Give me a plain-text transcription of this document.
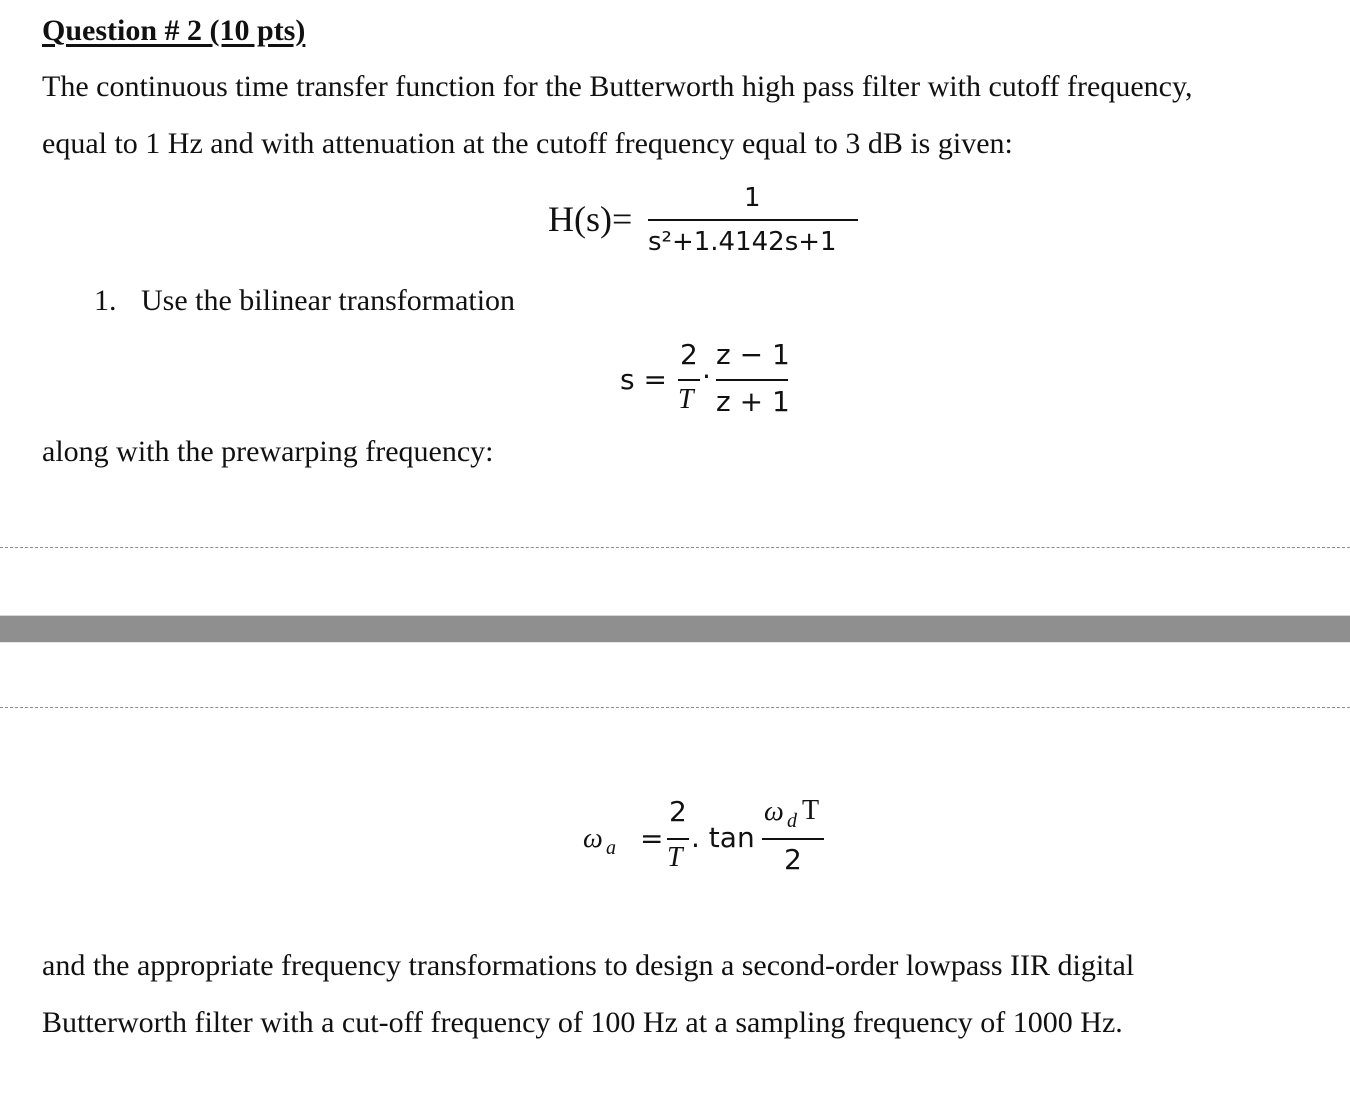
Question # 2 (10 pts)
The continuous time transfer function for the Butterworth high pass filter with cutoff frequency,
equal to 1 Hz and with attenuation at the cutoff frequency equal to 3 dB is given:
H(s)=
1
s²+1.4142s+1
1. Use the bilinear transformation
s =
2
T
·
z − 1
z + 1
along with the prewarping frequency:
ω a =
2
T
. tan
ω d T
2
and the appropriate frequency transformations to design a second-order lowpass IIR digital
Butterworth filter with a cut-off frequency of 100 Hz at a sampling frequency of 1000 Hz.
